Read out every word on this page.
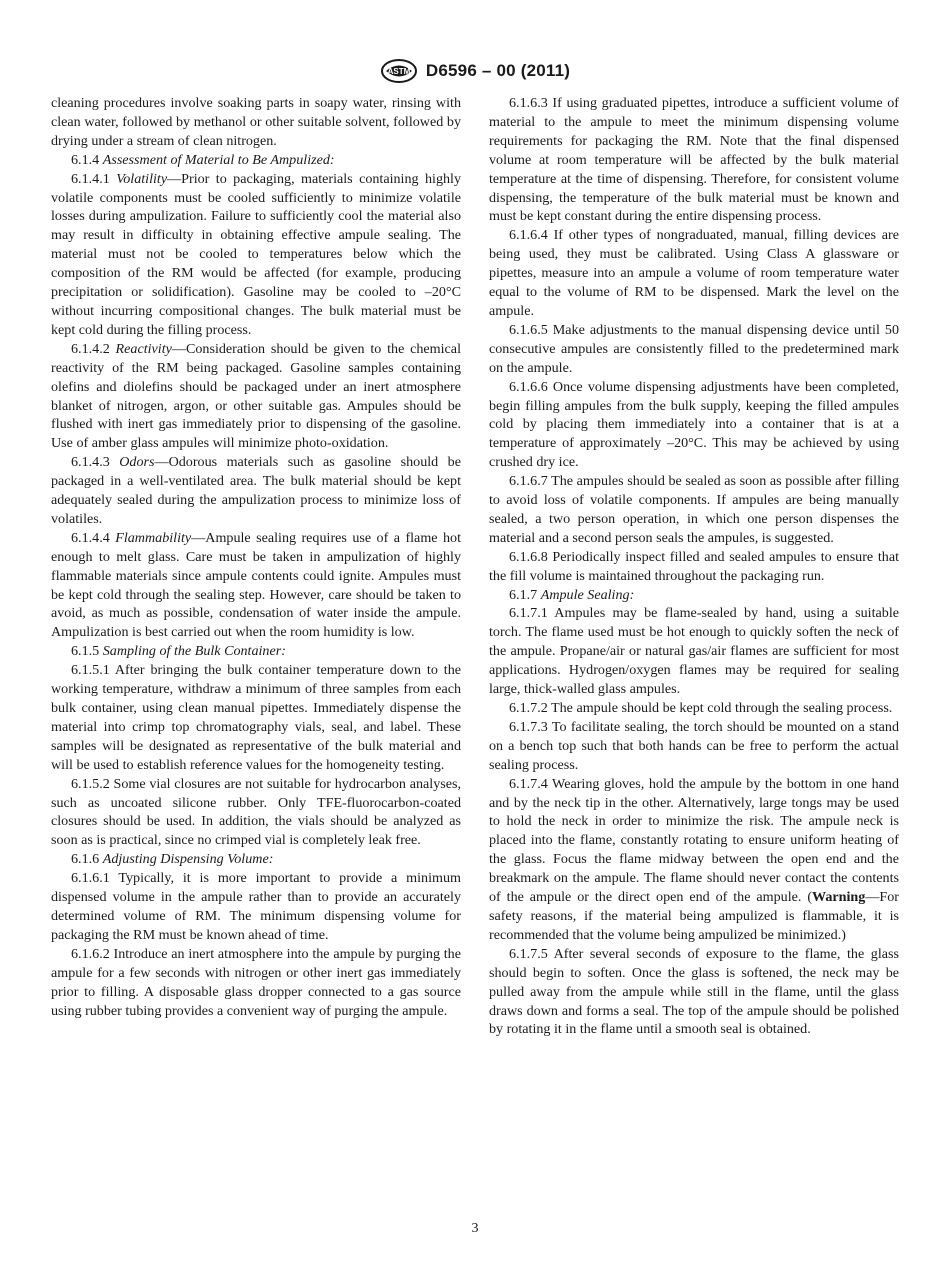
ASTM D6596 – 00 (2011)

cleaning procedures involve soaking parts in soapy water, rinsing with clean water, followed by methanol or other suitable solvent, followed by drying under a stream of clean nitrogen.

6.1.4 Assessment of Material to Be Ampulized:

6.1.4.1 Volatility—Prior to packaging, materials containing highly volatile components must be cooled sufficiently to minimize volatile losses during ampulization. Failure to sufficiently cool the material also may result in difficulty in obtaining effective ampule sealing. The material must not be cooled to temperatures below which the composition of the RM would be affected (for example, producing precipitation or solidification). Gasoline may be cooled to –20°C without incurring compositional changes. The bulk material must be kept cold during the filling process.

6.1.4.2 Reactivity—Consideration should be given to the chemical reactivity of the RM being packaged. Gasoline samples containing olefins and diolefins should be packaged under an inert atmosphere blanket of nitrogen, argon, or other suitable gas. Ampules should be flushed with inert gas immediately prior to dispensing of the gasoline. Use of amber glass ampules will minimize photo-oxidation.

6.1.4.3 Odors—Odorous materials such as gasoline should be packaged in a well-ventilated area. The bulk material should be kept adequately sealed during the ampulization process to minimize loss of volatiles.

6.1.4.4 Flammability—Ampule sealing requires use of a flame hot enough to melt glass. Care must be taken in ampulization of highly flammable materials since ampule contents could ignite. Ampules must be kept cold through the sealing step. However, care should be taken to avoid, as much as possible, condensation of water inside the ampule. Ampulization is best carried out when the room humidity is low.

6.1.5 Sampling of the Bulk Container:

6.1.5.1 After bringing the bulk container temperature down to the working temperature, withdraw a minimum of three samples from each bulk container, using clean manual pipettes. Immediately dispense the material into crimp top chromatography vials, seal, and label. These samples will be designated as representative of the bulk material and will be used to establish reference values for the homogeneity testing.

6.1.5.2 Some vial closures are not suitable for hydrocarbon analyses, such as uncoated silicone rubber. Only TFE-fluorocarbon-coated closures should be used. In addition, the vials should be analyzed as soon as is practical, since no crimped vial is completely leak free.

6.1.6 Adjusting Dispensing Volume:

6.1.6.1 Typically, it is more important to provide a minimum dispensed volume in the ampule rather than to provide an accurately determined volume of RM. The minimum dispensing volume for packaging the RM must be known ahead of time.

6.1.6.2 Introduce an inert atmosphere into the ampule by purging the ampule for a few seconds with nitrogen or other inert gas immediately prior to filling. A disposable glass dropper connected to a gas source using rubber tubing provides a convenient way of purging the ampule.

6.1.6.3 If using graduated pipettes, introduce a sufficient volume of material to the ampule to meet the minimum dispensing volume requirements for packaging the RM. Note that the final dispensed volume at room temperature will be affected by the bulk material temperature at the time of dispensing. Therefore, for consistent volume dispensing, the temperature of the bulk material must be known and must be kept constant during the entire dispensing process.

6.1.6.4 If other types of nongraduated, manual, filling devices are being used, they must be calibrated. Using Class A glassware or pipettes, measure into an ampule a volume of room temperature water equal to the volume of RM to be dispensed. Mark the level on the ampule.

6.1.6.5 Make adjustments to the manual dispensing device until 50 consecutive ampules are consistently filled to the predetermined mark on the ampule.

6.1.6.6 Once volume dispensing adjustments have been completed, begin filling ampules from the bulk supply, keeping the filled ampules cold by placing them immediately into a container that is at a temperature of approximately –20°C. This may be achieved by using crushed dry ice.

6.1.6.7 The ampules should be sealed as soon as possible after filling to avoid loss of volatile components. If ampules are being manually sealed, a two person operation, in which one person dispenses the material and a second person seals the ampules, is suggested.

6.1.6.8 Periodically inspect filled and sealed ampules to ensure that the fill volume is maintained throughout the packaging run.

6.1.7 Ampule Sealing:

6.1.7.1 Ampules may be flame-sealed by hand, using a suitable torch. The flame used must be hot enough to quickly soften the neck of the ampule. Propane/air or natural gas/air flames are sufficient for most applications. Hydrogen/oxygen flames may be required for sealing large, thick-walled glass ampules.

6.1.7.2 The ampule should be kept cold through the sealing process.

6.1.7.3 To facilitate sealing, the torch should be mounted on a stand on a bench top such that both hands can be free to perform the actual sealing process.

6.1.7.4 Wearing gloves, hold the ampule by the bottom in one hand and by the neck tip in the other. Alternatively, large tongs may be used to hold the neck in order to minimize the risk. The ampule neck is placed into the flame, constantly rotating to ensure uniform heating of the glass. Focus the flame midway between the open end and the breakmark on the ampule. The flame should never contact the contents of the ampule or the direct open end of the ampule. (Warning—For safety reasons, if the material being ampulized is flammable, it is recommended that the volume being ampulized be minimized.)

6.1.7.5 After several seconds of exposure to the flame, the glass should begin to soften. Once the glass is softened, the neck may be pulled away from the ampule while still in the flame, until the glass draws down and forms a seal. The top of the ampule should be polished by rotating it in the flame until a smooth seal is obtained.

3
